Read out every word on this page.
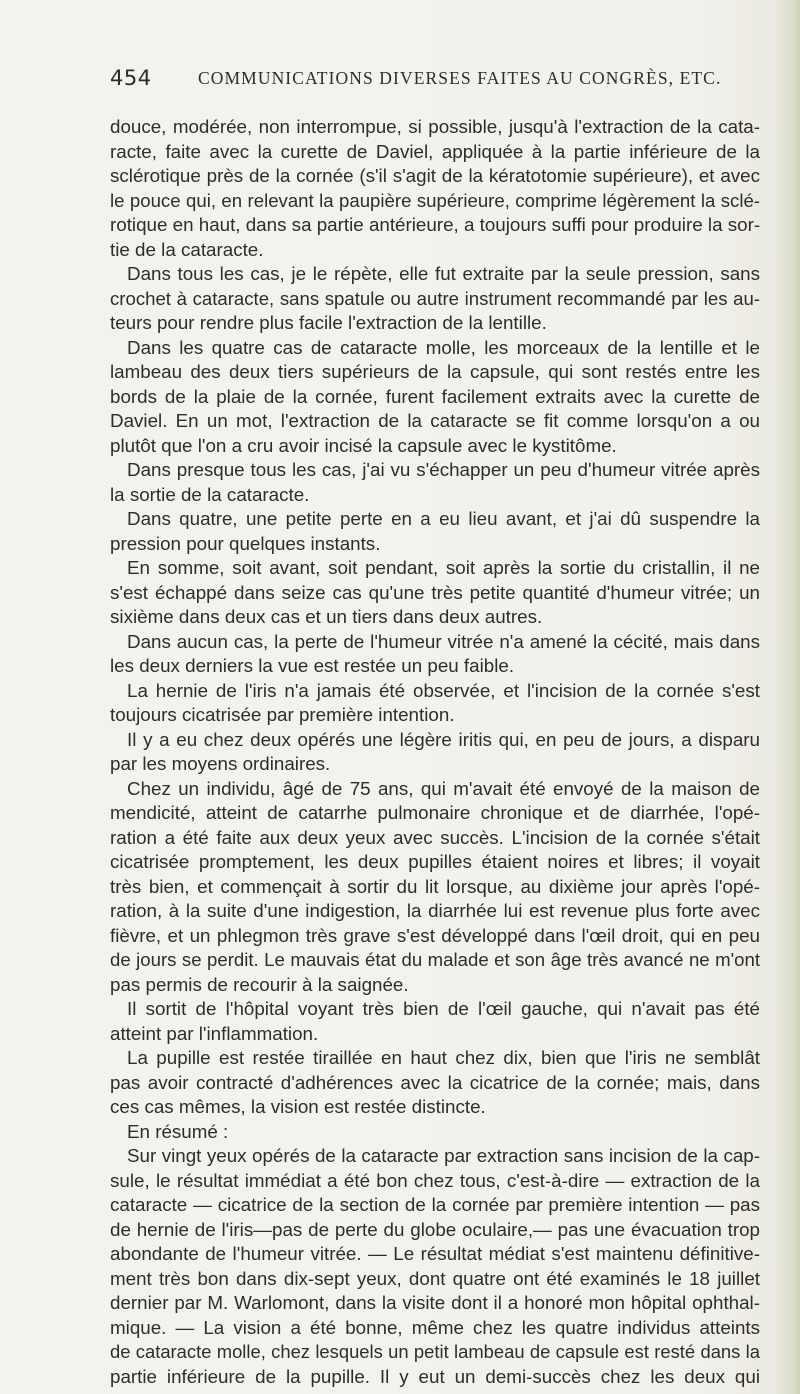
454	COMMUNICATIONS DIVERSES FAITES AU CONGRÈS, ETC.
douce, modérée, non interrompue, si possible, jusqu'à l'extraction de la cata-
racte, faite avec la curette de Daviel, appliquée à la partie inférieure de la
sclérotique près de la cornée (s'il s'agit de la kératotomie supérieure), et avec
le pouce qui, en relevant la paupière supérieure, comprime légèrement la sclé-
rotique en haut, dans sa partie antérieure, a toujours suffi pour produire la sor-
tie de la cataracte.
Dans tous les cas, je le répète, elle fut extraite par la seule pression, sans
crochet à cataracte, sans spatule ou autre instrument recommandé par les au-
teurs pour rendre plus facile l'extraction de la lentille.
Dans les quatre cas de cataracte molle, les morceaux de la lentille et le
lambeau des deux tiers supérieurs de la capsule, qui sont restés entre les
bords de la plaie de la cornée, furent facilement extraits avec la curette de
Daviel. En un mot, l'extraction de la cataracte se fit comme lorsqu'on a ou
plutôt que l'on a cru avoir incisé la capsule avec le kystitôme.
Dans presque tous les cas, j'ai vu s'échapper un peu d'humeur vitrée après
la sortie de la cataracte.
Dans quatre, une petite perte en a eu lieu avant, et j'ai dû suspendre la
pression pour quelques instants.
En somme, soit avant, soit pendant, soit après la sortie du cristallin, il ne
s'est échappé dans seize cas qu'une très petite quantité d'humeur vitrée; un
sixième dans deux cas et un tiers dans deux autres.
Dans aucun cas, la perte de l'humeur vitrée n'a amené la cécité, mais dans
les deux derniers la vue est restée un peu faible.
La hernie de l'iris n'a jamais été observée, et l'incision de la cornée s'est
toujours cicatrisée par première intention.
Il y a eu chez deux opérés une légère iritis qui, en peu de jours, a disparu
par les moyens ordinaires.
Chez un individu, âgé de 75 ans, qui m'avait été envoyé de la maison de
mendicité, atteint de catarrhe pulmonaire chronique et de diarrhée, l'opé-
ration a été faite aux deux yeux avec succès. L'incision de la cornée s'était
cicatrisée promptement, les deux pupilles étaient noires et libres; il voyait
très bien, et commençait à sortir du lit lorsque, au dixième jour après l'opé-
ration, à la suite d'une indigestion, la diarrhée lui est revenue plus forte avec
fièvre, et un phlegmon très grave s'est développé dans l'œil droit, qui en peu
de jours se perdit. Le mauvais état du malade et son âge très avancé ne m'ont
pas permis de recourir à la saignée.
Il sortit de l'hôpital voyant très bien de l'œil gauche, qui n'avait pas été
atteint par l'inflammation.
La pupille est restée tiraillée en haut chez dix, bien que l'iris ne semblât
pas avoir contracté d'adhérences avec la cicatrice de la cornée; mais, dans
ces cas mêmes, la vision est restée distincte.
En résumé :
Sur vingt yeux opérés de la cataracte par extraction sans incision de la cap-
sule, le résultat immédiat a été bon chez tous, c'est-à-dire — extraction de la
cataracte — cicatrice de la section de la cornée par première intention — pas
de hernie de l'iris—pas de perte du globe oculaire,— pas une évacuation trop
abondante de l'humeur vitrée. — Le résultat médiat s'est maintenu définitive-
ment très bon dans dix-sept yeux, dont quatre ont été examinés le 18 juillet
dernier par M. Warlomont, dans la visite dont il a honoré mon hôpital ophthal-
mique. — La vision a été bonne, même chez les quatre individus atteints
de cataracte molle, chez lesquels un petit lambeau de capsule est resté dans la
partie inférieure de la pupille. Il y eut un demi-succès chez les deux qui
